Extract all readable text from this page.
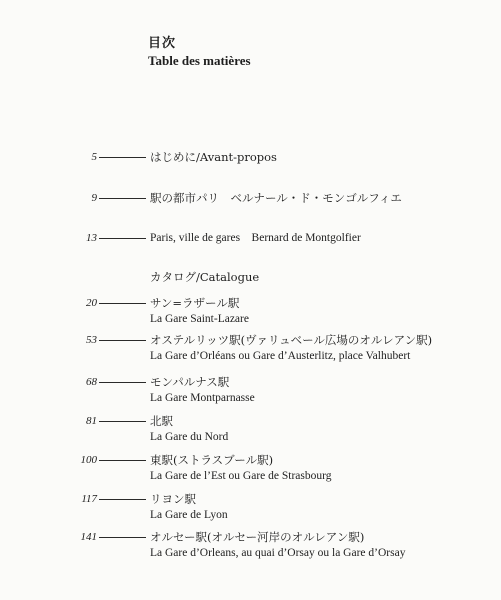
目次
Table des matières
5	はじめに/Avant-propos
9	駅の都市パリ　ベルナール・ド・モンゴルフィエ
13	Paris, ville de gares　Bernard de Montgolfier
カタログ/Catalogue
20	サン=ラザール駅
La Gare Saint-Lazare
53	オステルリッツ駅(ヴァリュベール広場のオルレアン駅)
La Gare d’Orléans ou Gare d’Austerlitz, place Valhubert
68	モンパルナス駅
La Gare Montparnasse
81	北駅
La Gare du Nord
100	東駅(ストラスブール駅)
La Gare de l’Est ou Gare de Strasbourg
117	リヨン駅
La Gare de Lyon
141	オルセー駅(オルセー河岸のオルレアン駅)
La Gare d’Orleans, au quai d’Orsay ou la Gare d’Orsay
